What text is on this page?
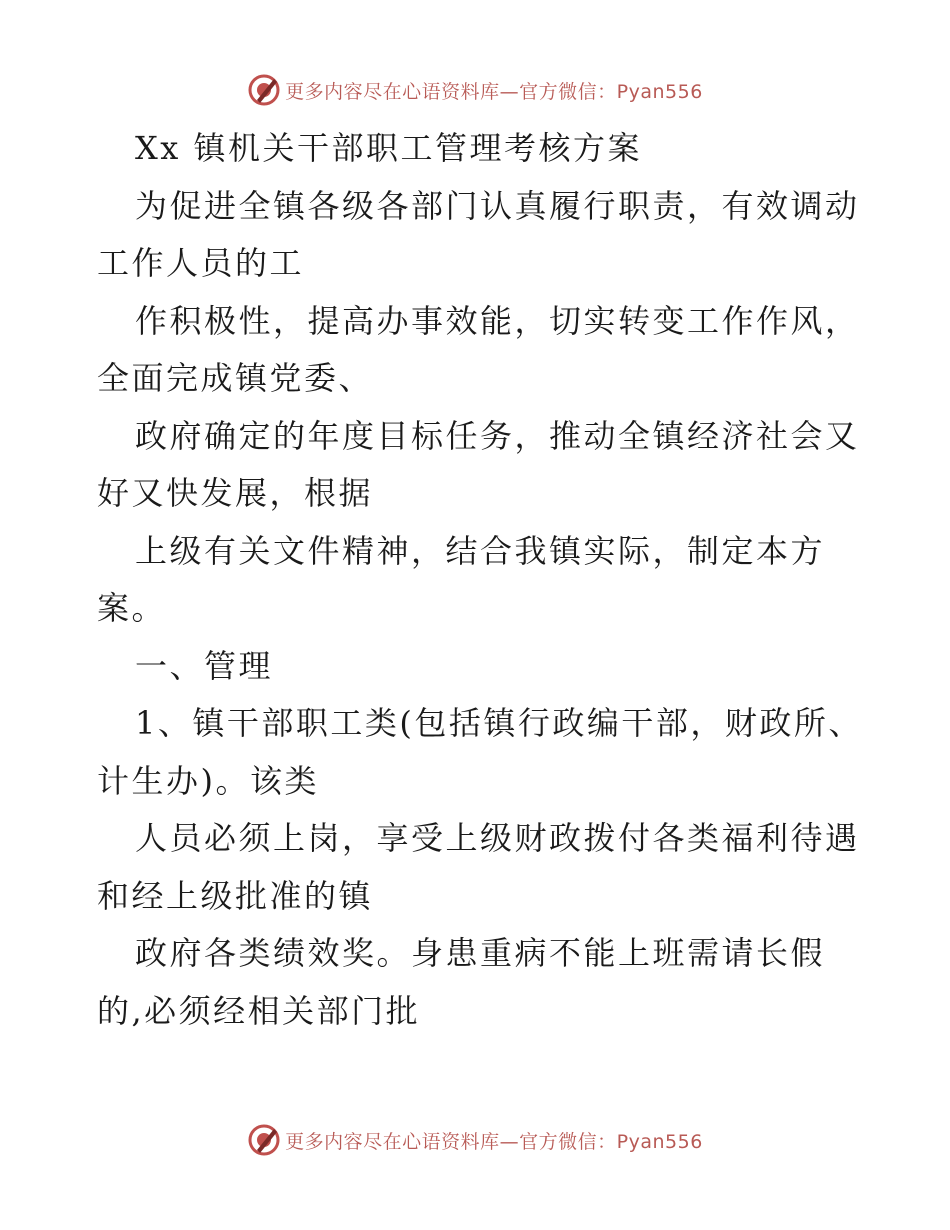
更多内容尽在心语资料库—官方微信：Pyan556
Xx 镇机关干部职工管理考核方案
为促进全镇各级各部门认真履行职责，有效调动
工作人员的工
作积极性，提高办事效能，切实转变工作作风，
全面完成镇党委、
政府确定的年度目标任务，推动全镇经济社会又
好又快发展，根据
上级有关文件精神，结合我镇实际，制定本方
案。
一、管理
1、镇干部职工类(包括镇行政编干部，财政所、
计生办)。该类
人员必须上岗，享受上级财政拨付各类福利待遇
和经上级批准的镇
政府各类绩效奖。身患重病不能上班需请长假
的,必须经相关部门批
更多内容尽在心语资料库—官方微信：Pyan556
